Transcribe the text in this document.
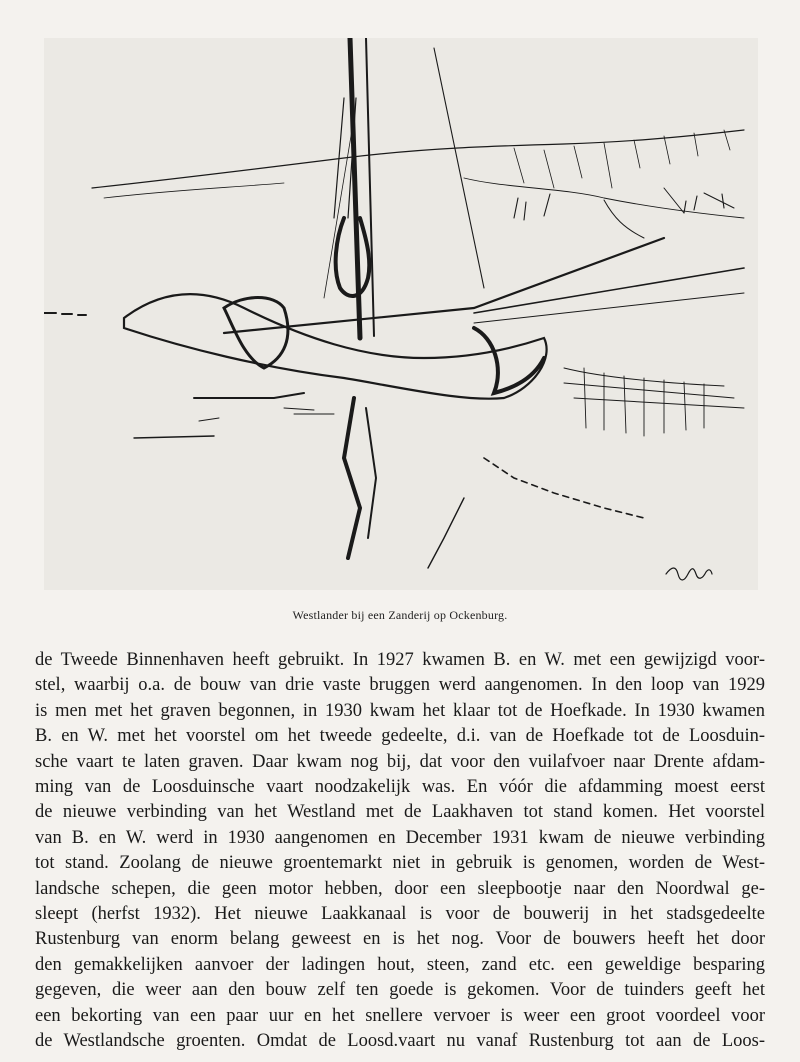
Westlander bij een Zanderij op Ockenburg.
de Tweede Binnenhaven heeft gebruikt. In 1927 kwamen B. en W. met een gewijzigd voor-
stel, waarbij o.a. de bouw van drie vaste bruggen werd aangenomen. In den loop van 1929
is men met het graven begonnen, in 1930 kwam het klaar tot de Hoefkade. In 1930 kwamen
B. en W. met het voorstel om het tweede gedeelte, d.i. van de Hoefkade tot de Loosduin-
sche vaart te laten graven. Daar kwam nog bij, dat voor den vuilafvoer naar Drente afdam-
ming van de Loosduinsche vaart noodzakelijk was. En vóór die afdamming moest eerst
de nieuwe verbinding van het Westland met de Laakhaven tot stand komen. Het voorstel
van B. en W. werd in 1930 aangenomen en December 1931 kwam de nieuwe verbinding
tot stand. Zoolang de nieuwe groentemarkt niet in gebruik is genomen, worden de West-
landsche schepen, die geen motor hebben, door een sleepbootje naar den Noordwal ge-
sleept (herfst 1932). Het nieuwe Laakkanaal is voor de bouwerij in het stadsgedeelte
Rustenburg van enorm belang geweest en is het nog. Voor de bouwers heeft het door
den gemakkelijken aanvoer der ladingen hout, steen, zand etc. een geweldige besparing
gegeven, die weer aan den bouw zelf ten goede is gekomen. Voor de tuinders geeft het
een bekorting van een paar uur en het snellere vervoer is weer een groot voordeel voor
de Westlandsche groenten. Omdat de Loosd.vaart nu vanaf Rustenburg tot aan de Loos-
